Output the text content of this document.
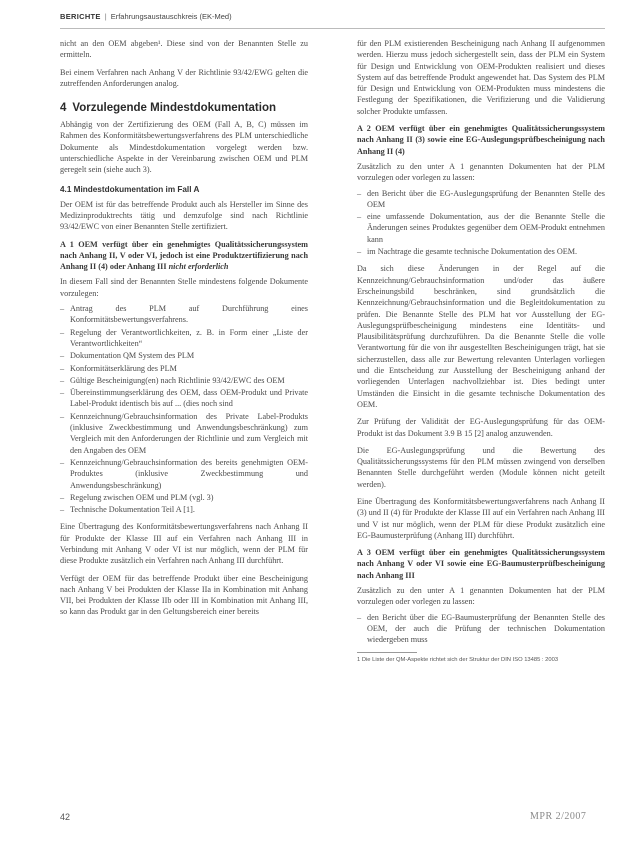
BERICHTE | Erfahrungsaustauschkreis (EK-Med)

nicht an den OEM abgeben¹. Diese sind von der Benannten Stelle zu ermitteln.

Bei einem Verfahren nach Anhang V der Richtlinie 93/42/EWG gelten die zutreffenden Anforderungen analog.

4 Vorzulegende Mindestdokumentation

Abhängig von der Zertifizierung des OEM (Fall A, B, C) müssen im Rahmen des Konformitätsbewertungsverfahrens des PLM unterschiedliche Dokumente als Mindestdokumentation vorgelegt werden bzw. unterschiedliche Aspekte in der Vereinbarung zwischen OEM und PLM geregelt sein (siehe auch 3).

4.1 Mindestdokumentation im Fall A

Der OEM ist für das betreffende Produkt auch als Hersteller im Sinne des Medizinproduktrechts tätig und demzufolge sind nach Richtlinie 93/42/EWC von einer Benannten Stelle zertifiziert.

A 1 OEM verfügt über ein genehmigtes Qualitätssicherungssystem nach Anhang II, V oder VI, jedoch ist eine Produktzertifizierung nach Anhang II (4) oder Anhang III nicht erforderlich

In diesem Fall sind der Benannten Stelle mindestens folgende Dokumente vorzulegen:

– Antrag des PLM auf Durchführung eines Konformitätsbewertungsverfahrens.
– Regelung der Verantwortlichkeiten, z. B. in Form einer „Liste der Verantwortlichkeiten“
– Dokumentation QM System des PLM
– Konformitätserklärung des PLM
– Gültige Bescheinigung(en) nach Richtlinie 93/42/EWC des OEM
– Übereinstimmungserklärung des OEM, dass OEM-Produkt und Private Label-Produkt identisch bis auf ... (dies noch sind
– Kennzeichnung/Gebrauchsinformation des Private Label-Produkts (inklusive Zweckbestimmung und Anwendungsbeschränkung) zum Vergleich mit den Anforderungen der Richtlinie und zum Vergleich mit den Angaben des OEM
– Kennzeichnung/Gebrauchsinformation des bereits genehmigten OEM-Produktes (inklusive Zweckbestimmung und Anwendungsbeschränkung)
– Regelung zwischen OEM und PLM (vgl. 3)
– Technische Dokumentation Teil A [1].

Eine Übertragung des Konformitätsbewertungsverfahrens nach Anhang II für Produkte der Klasse III auf ein Verfahren nach Anhang III in Verbindung mit Anhang V oder VI ist nur möglich, wenn der PLM für diese Produkte zusätzlich ein Verfahren nach Anhang III durchführt.

Verfügt der OEM für das betreffende Produkt über eine Bescheinigung nach Anhang V bei Produkten der Klasse IIa in Kombination mit Anhang VII, bei Produkten der Klasse IIb oder III in Kombination mit Anhang III, so kann das Produkt gar in den Geltungsbereich einer bereits

für den PLM existierenden Bescheinigung nach Anhang II aufgenommen werden. Hierzu muss jedoch sichergestellt sein, dass der PLM ein System für Design und Entwicklung von OEM-Produkten realisiert und dieses System auf das betreffende Produkt angewendet hat. Das System des PLM für Design und Entwicklung von OEM-Produkten muss mindestens die Festlegung der Spezifikationen, die Verifizierung und die Validierung solcher Produkte umfassen.

A 2 OEM verfügt über ein genehmigtes Qualitätssicherungssystem nach Anhang II (3) sowie eine EG-Auslegungsprüfbescheinigung nach Anhang II (4)

Zusätzlich zu den unter A 1 genannten Dokumenten hat der PLM vorzulegen oder vorlegen zu lassen:

– den Bericht über die EG-Auslegungsprüfung der Benannten Stelle des OEM
– eine umfassende Dokumentation, aus der die Benannte Stelle die Änderungen seines Produktes gegenüber dem OEM-Produkt entnehmen kann
– im Nachtrage die gesamte technische Dokumentation des OEM.

Da sich diese Änderungen in der Regel auf die Kennzeichnung/Gebrauchsinformation und/oder das äußere Erscheinungsbild beschränken, sind grundsätzlich die Kennzeichnung/Gebrauchsinformation und die Begleitdokumentation zu prüfen. Die Benannte Stelle des PLM hat vor Ausstellung der EG-Auslegungsprüfbescheinigung mindestens eine Identitäts- und Plausibilitätsprüfung durchzuführen. Da die Benannte Stelle die volle Verantwortung für die von ihr ausgestellten Bescheinigungen trägt, hat sie sicherzustellen, dass alle zur Bewertung relevanten Unterlagen vorliegen und die Entscheidung zur Ausstellung der Bescheinigung anhand der vorliegenden Unterlagen nachvollziehbar ist. Dies bedingt unter Umständen die Einsicht in die gesamte technische Dokumentation des OEM.

Zur Prüfung der Validität der EG-Auslegungsprüfung für das OEM-Produkt ist das Dokument 3.9 B 15 [2] analog anzuwenden.

Die EG-Auslegungsprüfung und die Bewertung des Qualitätssicherungssystems für den PLM müssen zwingend von derselben Benannten Stelle durchgeführt werden (Module können nicht geteilt werden).

Eine Übertragung des Konformitätsbewertungsverfahrens nach Anhang II (3) und II (4) für Produkte der Klasse III auf ein Verfahren nach Anhang III und V ist nur möglich, wenn der PLM für diese Produkt zusätzlich eine EG-Baumusterprüfung (Anhang III) durchführt.

A 3 OEM verfügt über ein genehmigtes Qualitätssicherungssystem nach Anhang V oder VI sowie eine EG-Baumusterprüfbescheinigung nach Anhang III

Zusätzlich zu den unter A 1 genannten Dokumenten hat der PLM vorzulegen oder vorlegen zu lassen:

– den Bericht über die EG-Baumusterprüfung der Benannten Stelle des OEM, der auch die Prüfung der technischen Dokumentation wiedergeben muss
1 Die Liste der QM-Aspekte richtet sich der Struktur der DIN ISO 13485 : 2003
42	MPR 2/2007
